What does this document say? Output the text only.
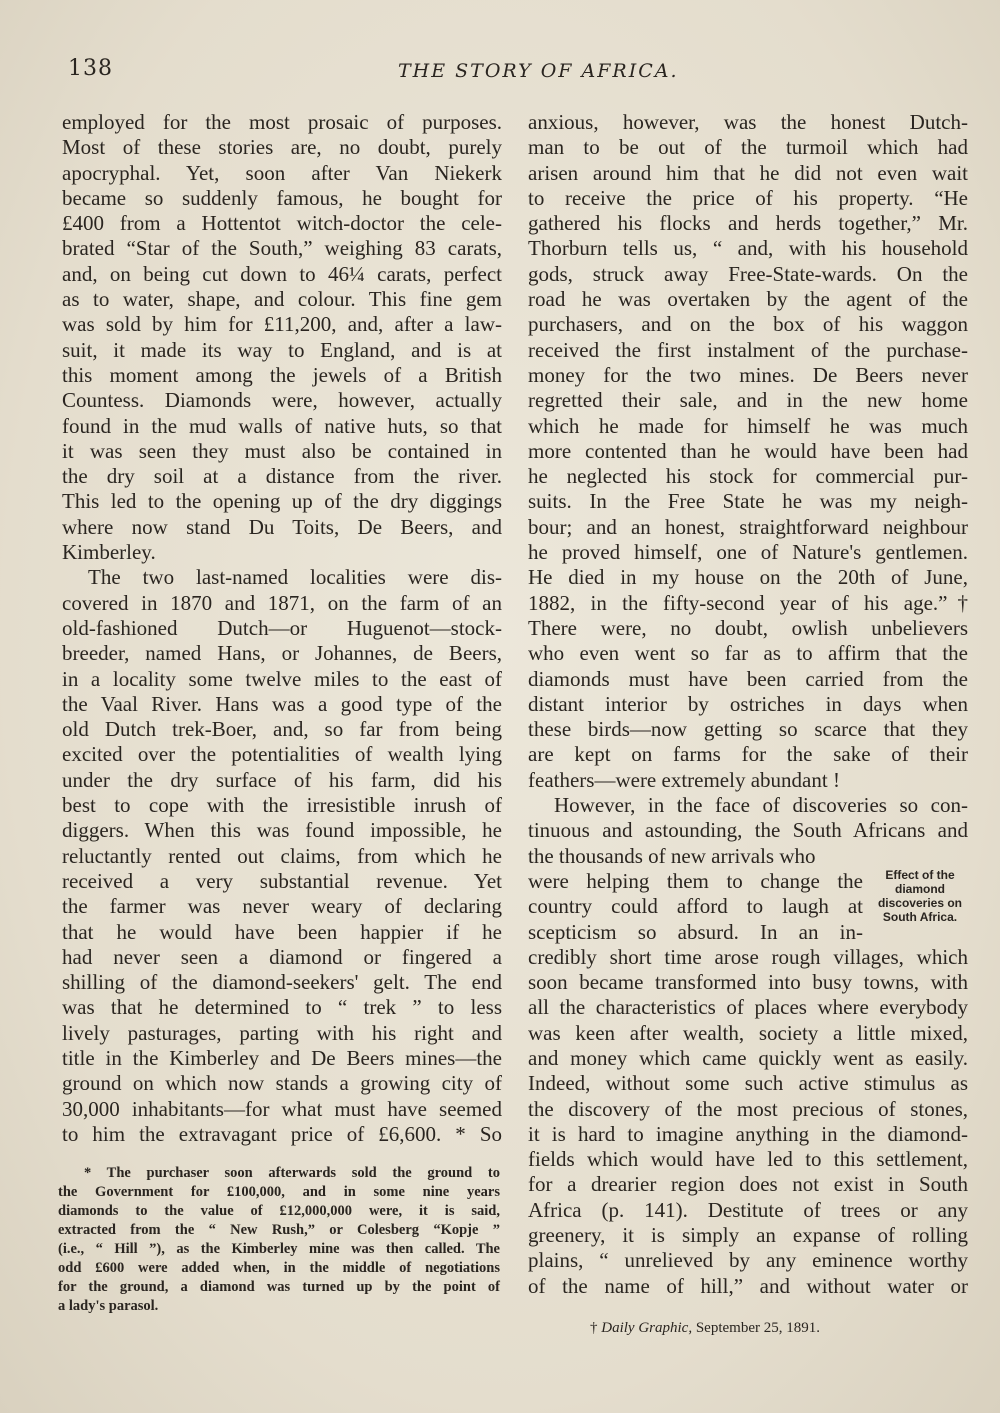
138	THE STORY OF AFRICA.
employed for the most prosaic of purposes.
Most of these stories are, no doubt, purely
apocryphal. Yet, soon after Van Niekerk
became so suddenly famous, he bought for
£400 from a Hottentot witch-doctor the cele-
brated “Star of the South,” weighing 83 carats,
and, on being cut down to 46¼ carats, perfect
as to water, shape, and colour. This fine gem
was sold by him for £11,200, and, after a law-
suit, it made its way to England, and is at
this moment among the jewels of a British
Countess. Diamonds were, however, actually
found in the mud walls of native huts, so that
it was seen they must also be contained in
the dry soil at a distance from the river.
This led to the opening up of the dry diggings
where now stand Du Toits, De Beers, and
Kimberley.
The two last-named localities were dis-
covered in 1870 and 1871, on the farm of an
old-fashioned Dutch—or Huguenot—stock-
breeder, named Hans, or Johannes, de Beers,
in a locality some twelve miles to the east of
the Vaal River. Hans was a good type of the
old Dutch trek-Boer, and, so far from being
excited over the potentialities of wealth lying
under the dry surface of his farm, did his
best to cope with the irresistible inrush of
diggers. When this was found impossible, he
reluctantly rented out claims, from which he
received a very substantial revenue. Yet
the farmer was never weary of declaring
that he would have been happier if he
had never seen a diamond or fingered a
shilling of the diamond-seekers' gelt. The end
was that he determined to “ trek ” to less
lively pasturages, parting with his right and
title in the Kimberley and De Beers mines—the
ground on which now stands a growing city of
30,000 inhabitants—for what must have seemed
to him the extravagant price of £6,600. * So
anxious, however, was the honest Dutch-
man to be out of the turmoil which had
arisen around him that he did not even wait
to receive the price of his property. “He
gathered his flocks and herds together,” Mr.
Thorburn tells us, “ and, with his household
gods, struck away Free-State-wards. On the
road he was overtaken by the agent of the
purchasers, and on the box of his waggon
received the first instalment of the purchase-
money for the two mines. De Beers never
regretted their sale, and in the new home
which he made for himself he was much
more contented than he would have been had
he neglected his stock for commercial pur-
suits. In the Free State he was my neigh-
bour; and an honest, straightforward neighbour
he proved himself, one of Nature's gentlemen.
He died in my house on the 20th of June,
1882, in the fifty-second year of his age.”†
There were, no doubt, owlish unbelievers
who even went so far as to affirm that the
diamonds must have been carried from the
distant interior by ostriches in days when
these birds—now getting so scarce that they
are kept on farms for the sake of their
feathers—were extremely abundant !
However, in the face of discoveries so con-
tinuous and astounding, the South Africans and
the thousands of new arrivals who
were helping them to change the
country could afford to laugh at
scepticism so absurd. In an in-
credibly short time arose rough villages, which
soon became transformed into busy towns, with
all the characteristics of places where everybody
was keen after wealth, society a little mixed,
and money which came quickly went as easily.
Indeed, without some such active stimulus as
the discovery of the most precious of stones,
it is hard to imagine anything in the diamond-
fields which would have led to this settlement,
for a drearier region does not exist in South
Africa (p. 141). Destitute of trees or any
greenery, it is simply an expanse of rolling
plains, “ unrelieved by any eminence worthy
of the name of hill,” and without water or
* The purchaser soon afterwards sold the ground to
the Government for £100,000, and in some nine years
diamonds to the value of £12,000,000 were, it is said,
extracted from the “ New Rush,” or Colesberg “Kopje ”
(i.e., “ Hill ”), as the Kimberley mine was then called. The
odd £600 were added when, in the middle of negotiations
for the ground, a diamond was turned up by the point of
a lady's parasol.
Effect of the diamond discoveries on South Africa.
† Daily Graphic, September 25, 1891.
